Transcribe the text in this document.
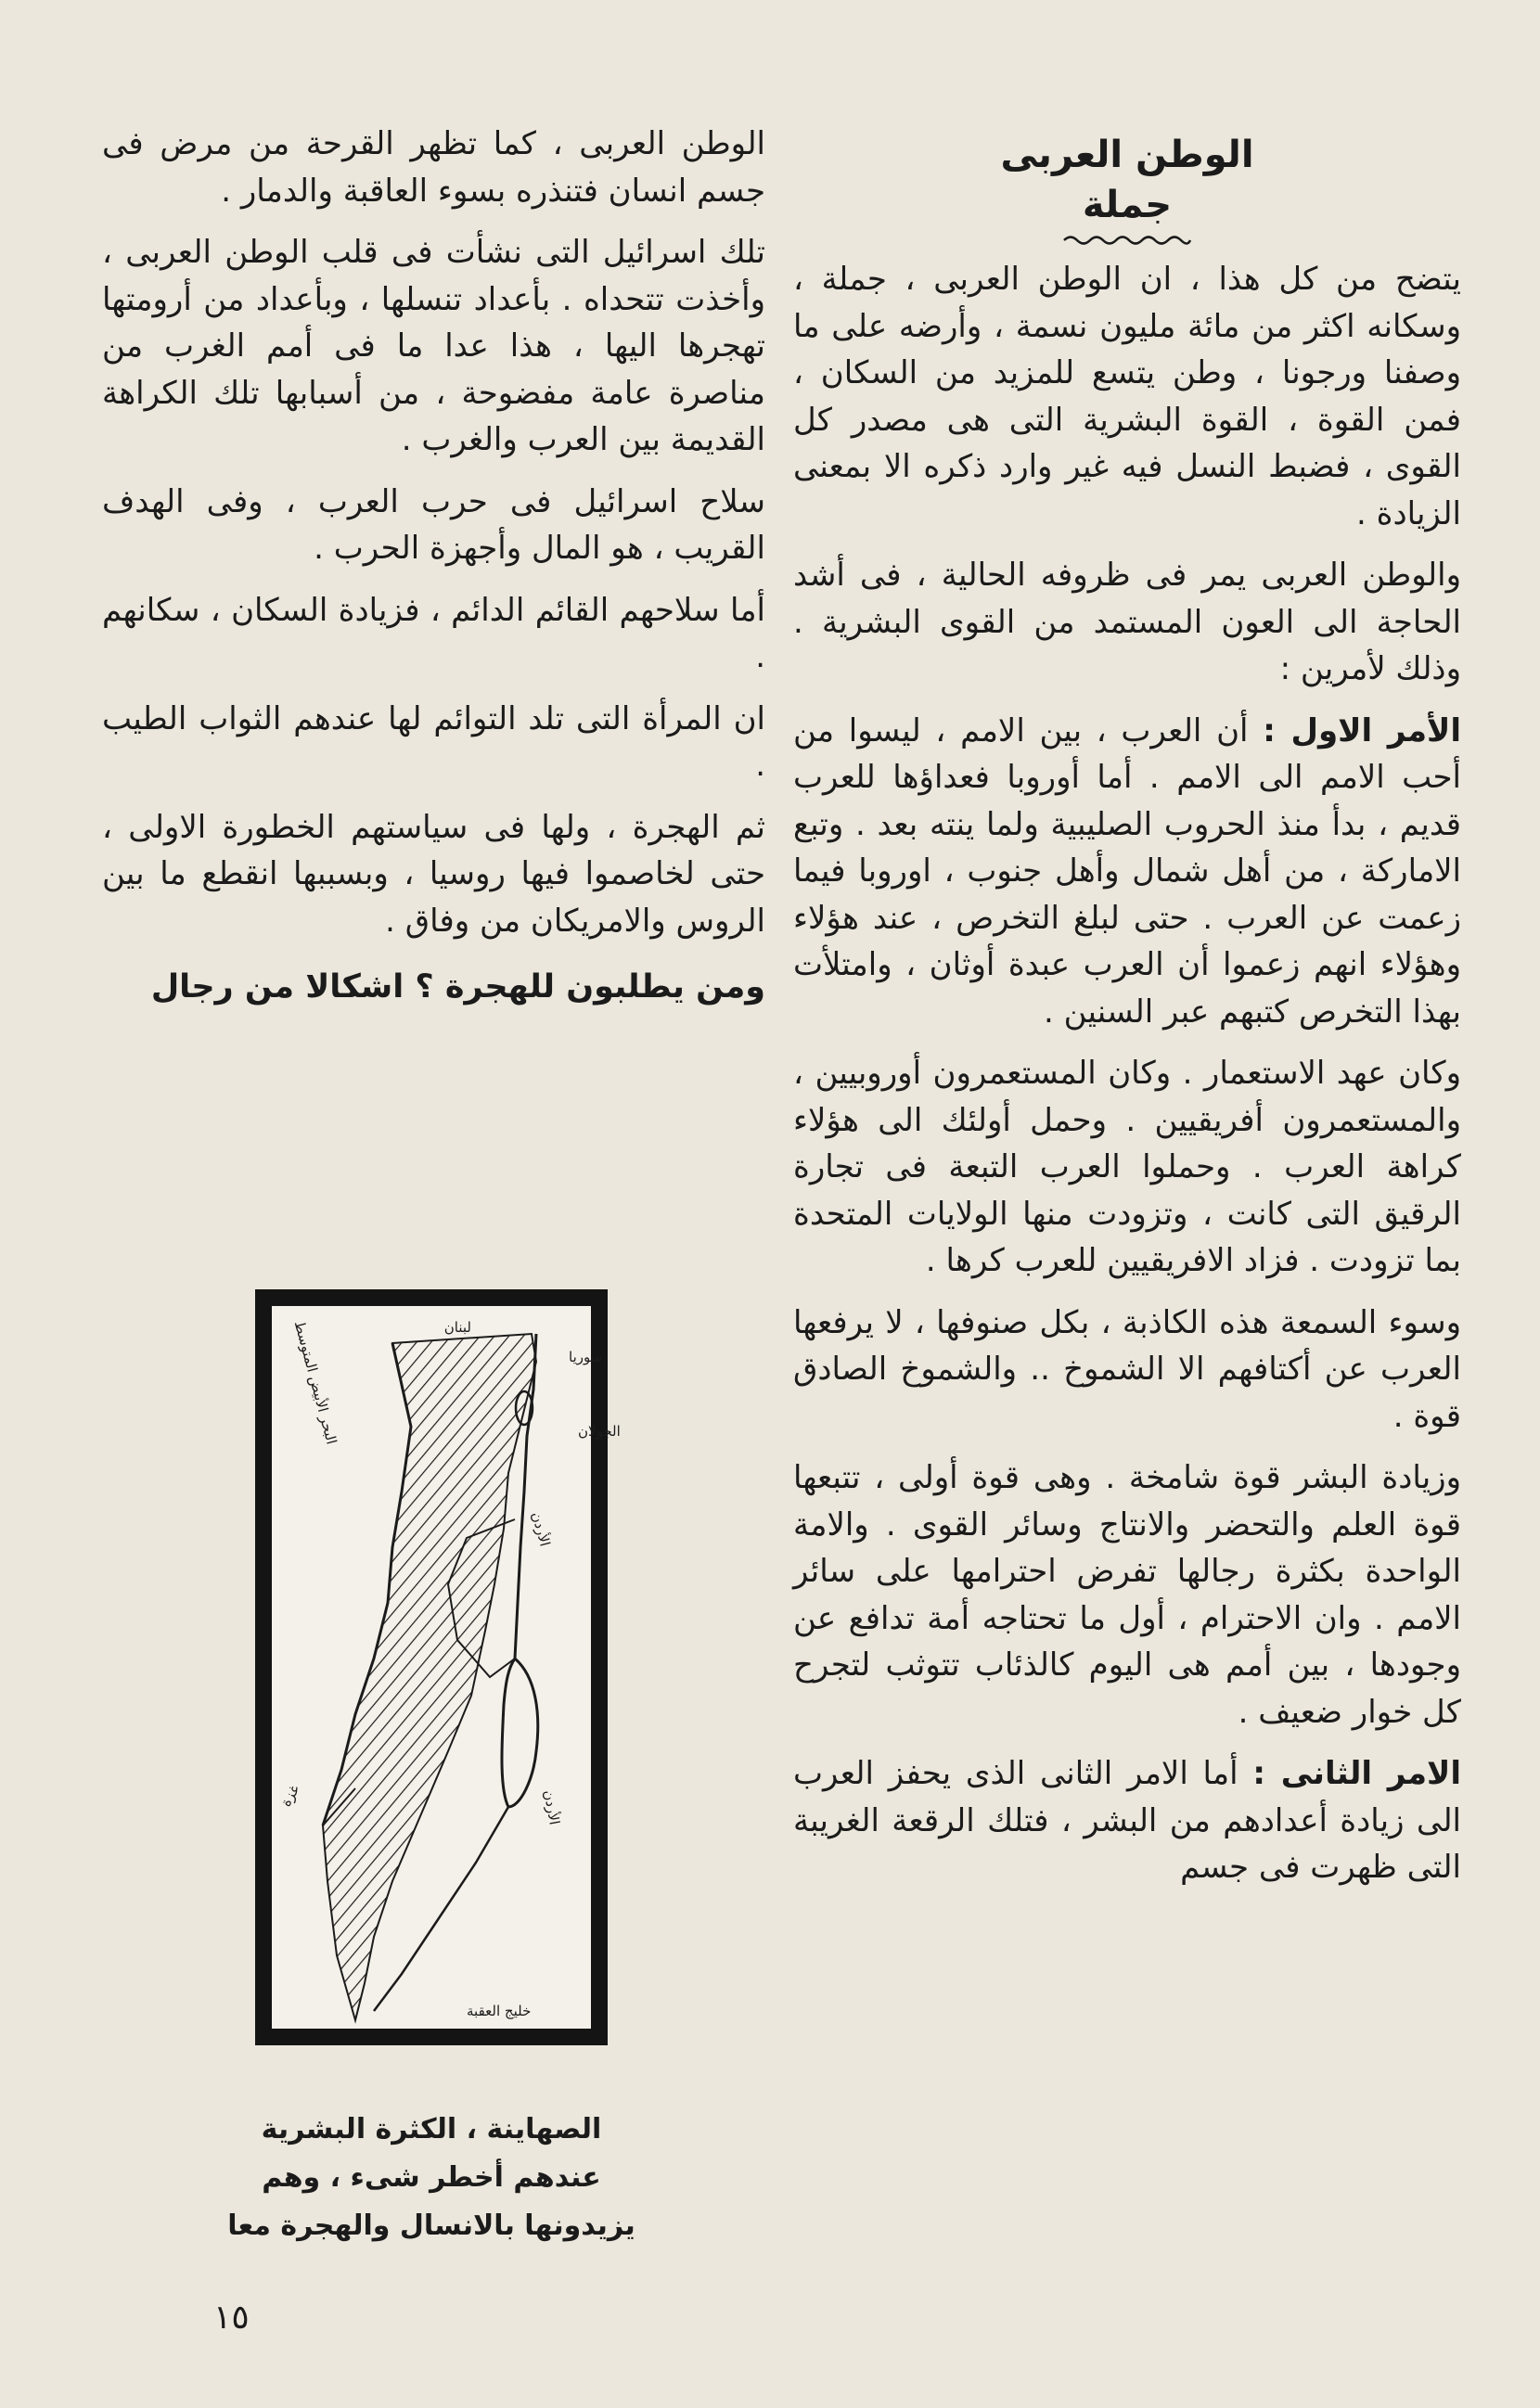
الوطن العربى
جملة

يتضح من كل هذا ، ان الوطن العربى ، جملة ، وسكانه اكثر من مائة مليون نسمة ، وأرضه على ما وصفنا ورجونا ، وطن يتسع للمزيد من السكان ، فمن القوة ، القوة البشرية التى هى مصدر كل القوى ، فضبط النسل فيه غير وارد ذكره الا بمعنى الزيادة .

والوطن العربى يمر فى ظروفه الحالية ، فى أشد الحاجة الى العون المستمد من القوى البشرية . وذلك لأمرين :

الأمر الاول : أن العرب ، بين الامم ، ليسوا من أحب الامم الى الامم . أما أوروبا فعداؤها للعرب قديم ، بدأ منذ الحروب الصليبية ولما ينته بعد . وتبع الاماركة ، من أهل شمال وأهل جنوب ، اوروبا فيما زعمت عن العرب . حتى لبلغ التخرص ، عند هؤلاء وهؤلاء انهم زعموا أن العرب عبدة أوثان ، وامتلأت بهذا التخرص كتبهم عبر السنين .

وكان عهد الاستعمار . وكان المستعمرون أوروبيين ، والمستعمرون أفريقيين . وحمل أولئك الى هؤلاء كراهة العرب . وحملوا العرب التبعة فى تجارة الرقيق التى كانت ، وتزودت منها الولايات المتحدة بما تزودت . فزاد الافريقيين للعرب كرها .

وسوء السمعة هذه الكاذبة ، بكل صنوفها ، لا يرفعها العرب عن أكتافهم الا الشموخ .. والشموخ الصادق قوة .

وزيادة البشر قوة شامخة . وهى قوة أولى ، تتبعها قوة العلم والتحضر والانتاج وسائر القوى . والامة الواحدة بكثرة رجالها تفرض احترامها على سائر الامم . وان الاحترام ، أول ما تحتاجه أمة تدافع عن وجودها ، بين أمم هى اليوم كالذئاب تتوثب لتجرح كل خوار ضعيف .

الامر الثانى : أما الامر الثانى الذى يحفز العرب الى زيادة أعدادهم من البشر ، فتلك الرقعة الغريبة التى ظهرت فى جسم

الوطن العربى ، كما تظهر القرحة من مرض فى جسم انسان فتنذره بسوء العاقبة والدمار .

تلك اسرائيل التى نشأت فى قلب الوطن العربى ، وأخذت تتحداه . بأعداد تنسلها ، وبأعداد من أرومتها تهجرها اليها ، هذا عدا ما فى أمم الغرب من مناصرة عامة مفضوحة ، من أسبابها تلك الكراهة القديمة بين العرب والغرب .

سلاح اسرائيل فى حرب العرب ، وفى الهدف القريب ، هو المال وأجهزة الحرب .

أما سلاحهم القائم الدائم ، فزيادة السكان ، سكانهم .

ان المرأة التى تلد التوائم لها عندهم الثواب الطيب .

ثم الهجرة ، ولها فى سياستهم الخطورة الاولى ، حتى لخاصموا فيها روسيا ، وبسببها انقطع ما بين الروس والامريكان من وفاق .

ومن يطلبون للهجرة ؟ اشكالا من رجال
لبنان
سوريا
الجولان
الأردن
البحر الأبيض المتوسط
غزة	الأردن
خليج العقبة
الصهاينة ، الكثرة البشرية
عندهم أخطر شىء ، وهم
يزيدونها بالانسال والهجرة معا
١٥
